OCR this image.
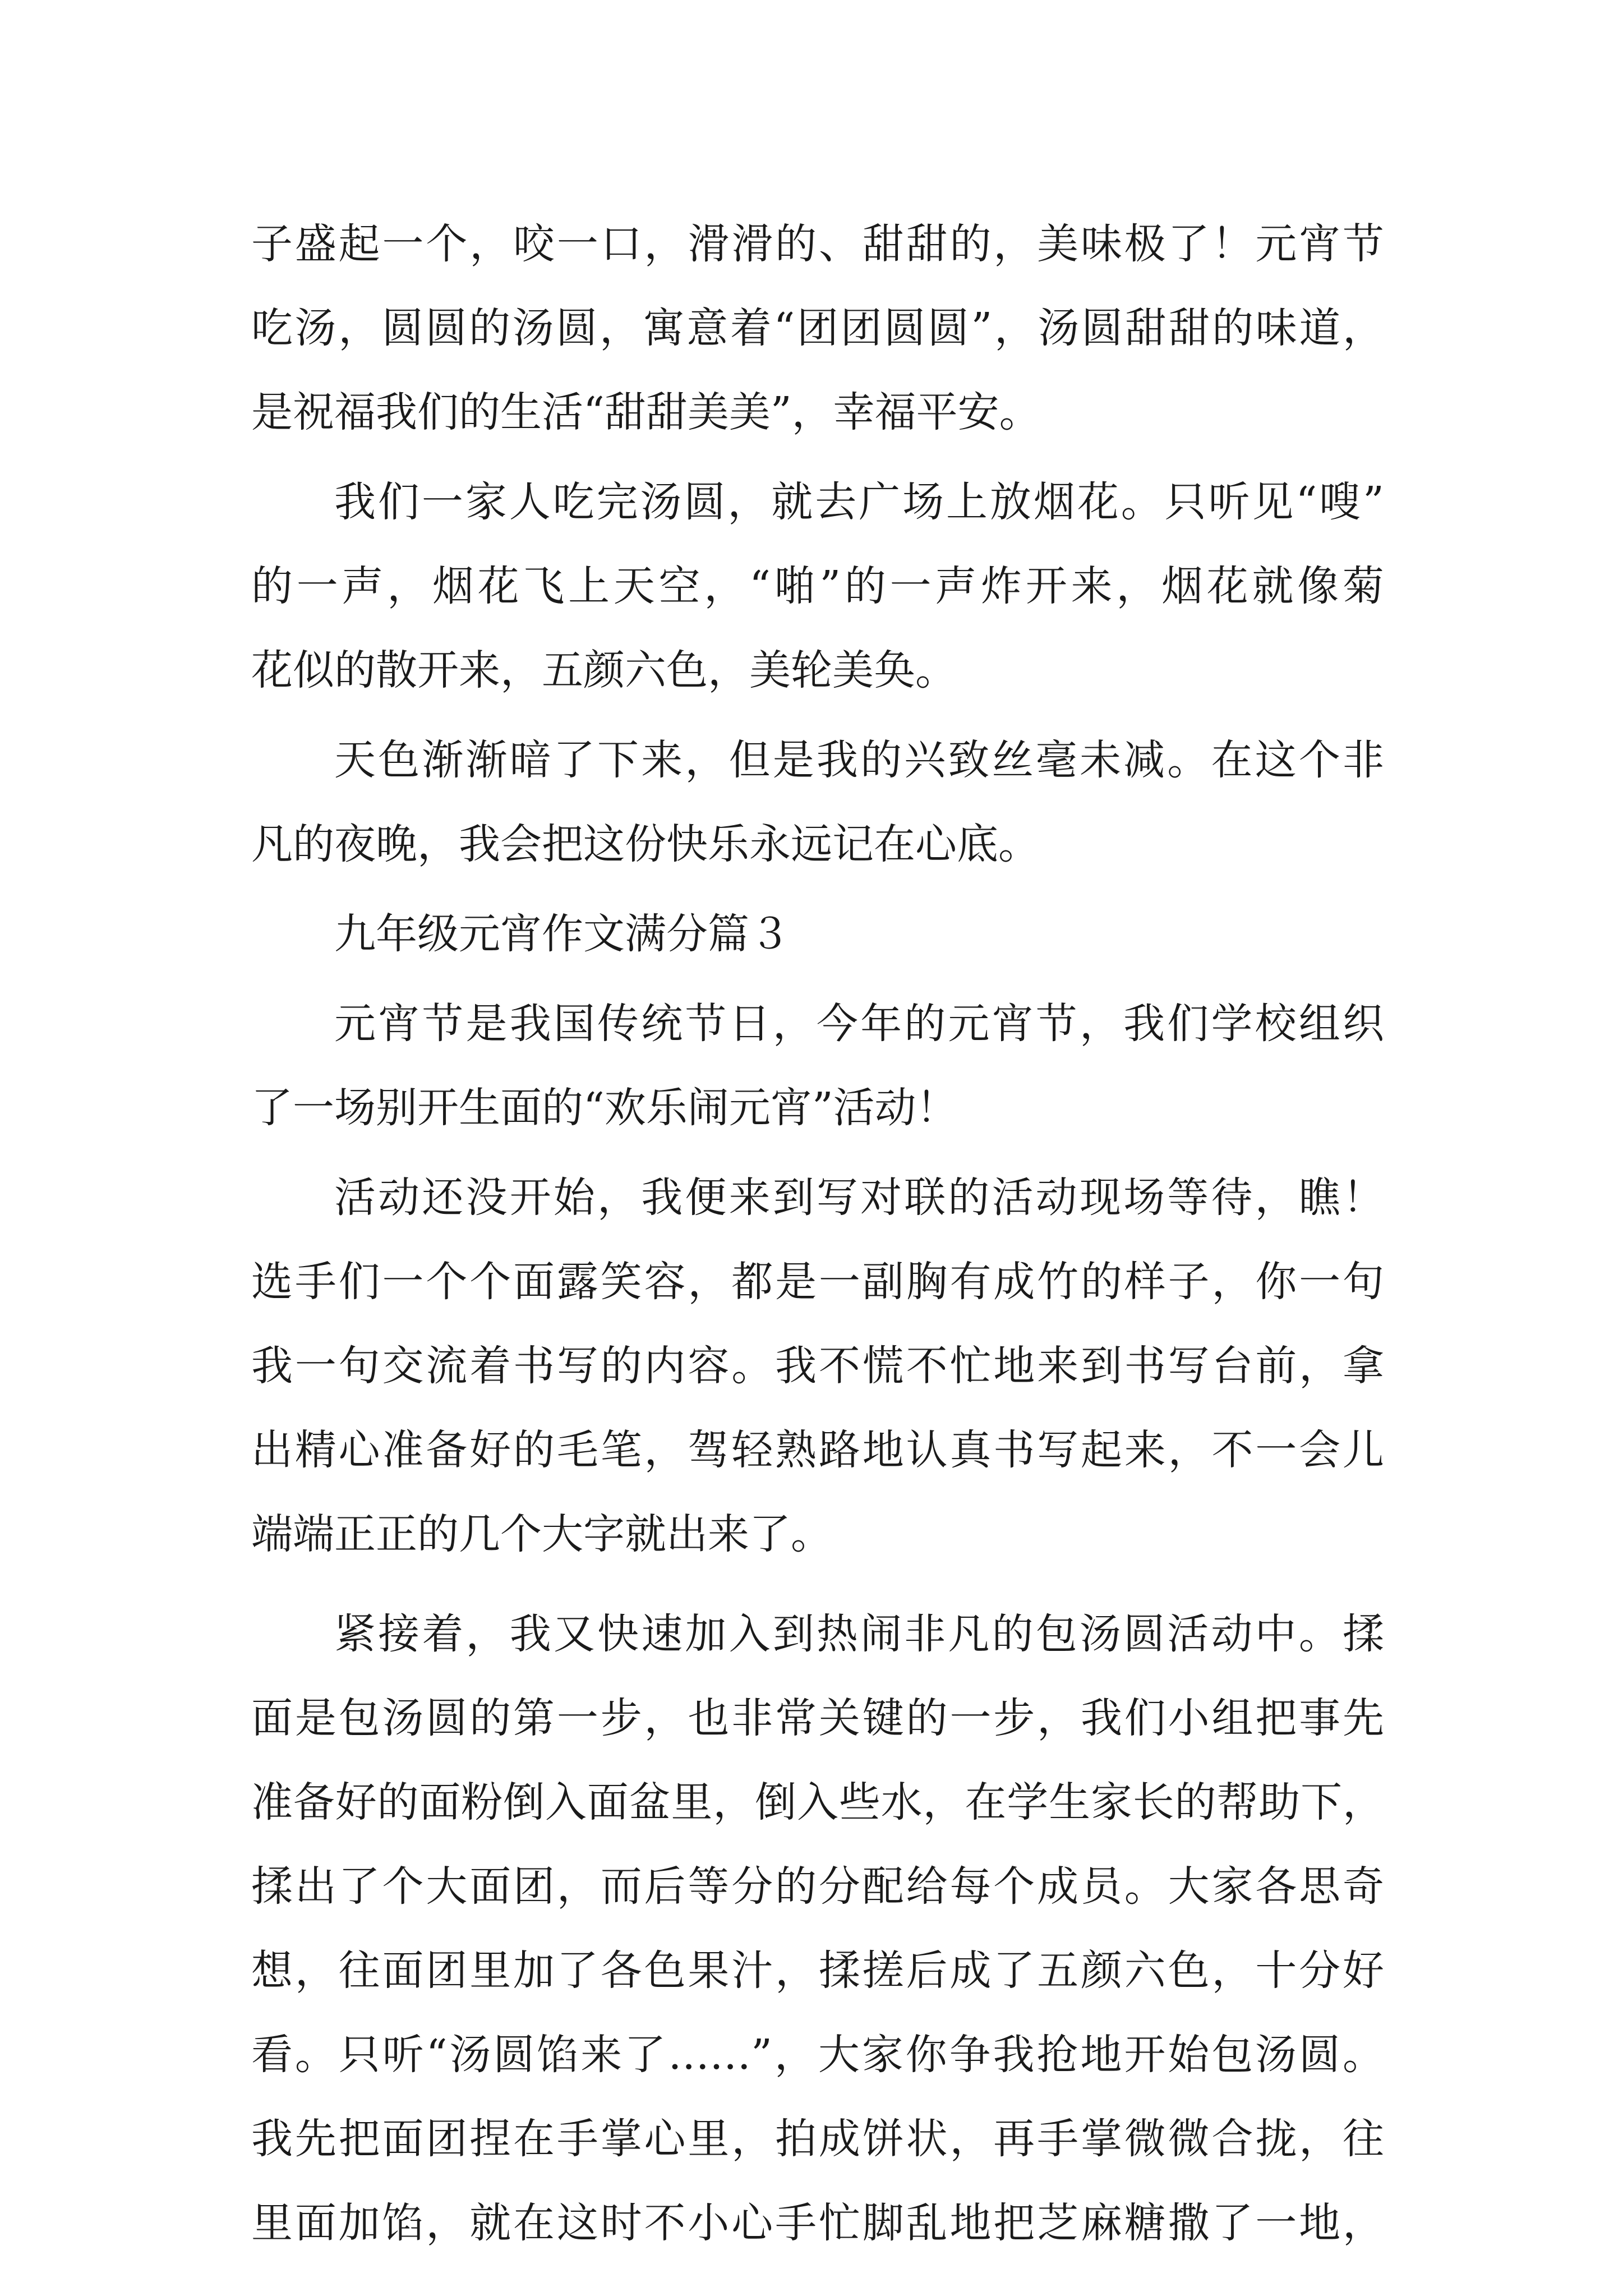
子盛起一个，咬一口，滑滑的、甜甜的，美味极了！元宵节
吃汤，圆圆的汤圆，寓意着“团团圆圆”，汤圆甜甜的味道，
是祝福我们的生活“甜甜美美”，幸福平安。
我们一家人吃完汤圆，就去广场上放烟花。只听见“嗖”
的一声，烟花飞上天空，“啪”的一声炸开来，烟花就像菊
花似的散开来，五颜六色，美轮美奂。
天色渐渐暗了下来，但是我的兴致丝毫未减。在这个非
凡的夜晚，我会把这份快乐永远记在心底。
九年级元宵作文满分篇３
元宵节是我国传统节日，今年的元宵节，我们学校组织
了一场别开生面的“欢乐闹元宵”活动！
活动还没开始，我便来到写对联的活动现场等待，瞧！
选手们一个个面露笑容，都是一副胸有成竹的样子，你一句
我一句交流着书写的内容。我不慌不忙地来到书写台前，拿
出精心准备好的毛笔，驾轻熟路地认真书写起来，不一会儿
端端正正的几个大字就出来了。
紧接着，我又快速加入到热闹非凡的包汤圆活动中。揉
面是包汤圆的第一步，也非常关键的一步，我们小组把事先
准备好的面粉倒入面盆里，倒入些水，在学生家长的帮助下，
揉出了个大面团，而后等分的分配给每个成员。大家各思奇
想，往面团里加了各色果汁，揉搓后成了五颜六色，十分好
看。只听“汤圆馅来了……”，大家你争我抢地开始包汤圆。
我先把面团捏在手掌心里，拍成饼状，再手掌微微合拢，往
里面加馅，就在这时不小心手忙脚乱地把芝麻糖撒了一地，
